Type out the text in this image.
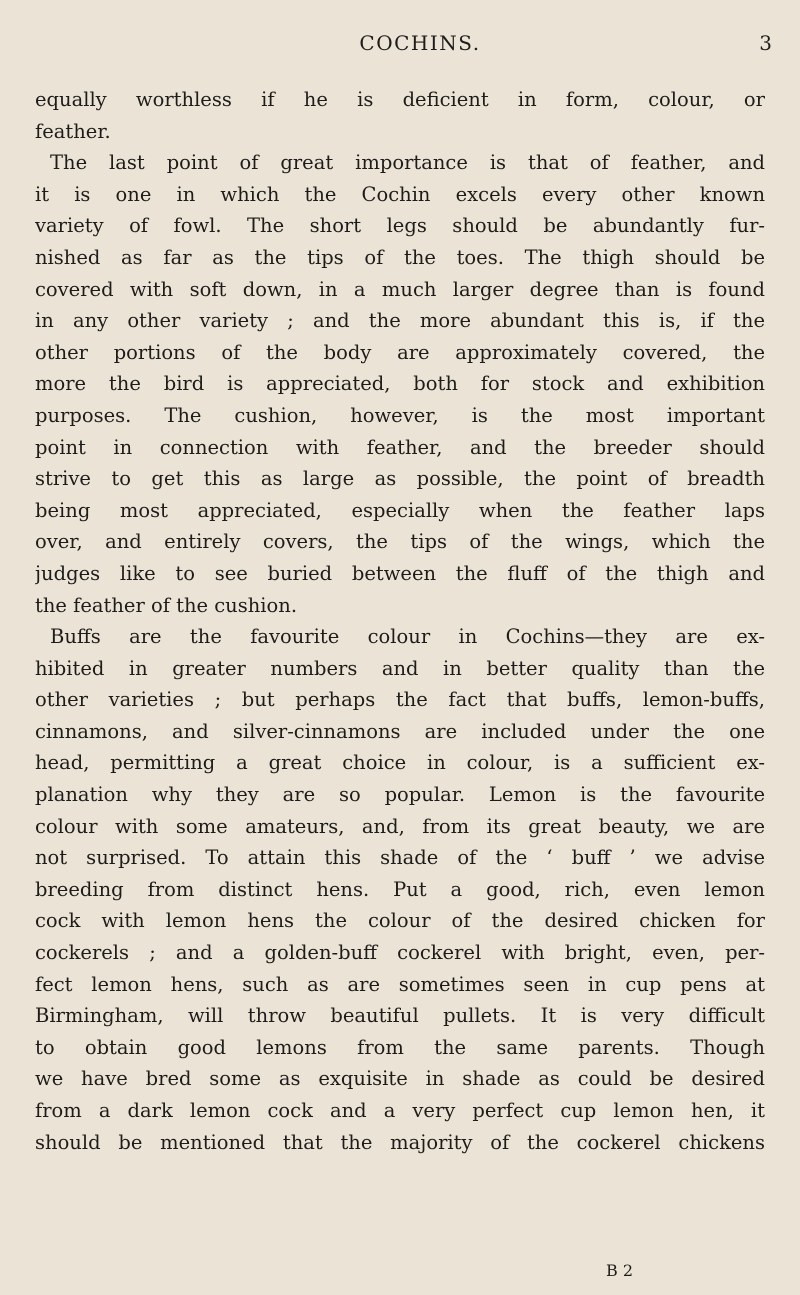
COCHINS.	3
equally worthless if he is deficient in form, colour, or
feather.
The last point of great importance is that of feather, and
it is one in which the Cochin excels every other known
variety of fowl. The short legs should be abundantly fur-
nished as far as the tips of the toes. The thigh should be
covered with soft down, in a much larger degree than is found
in any other variety ; and the more abundant this is, if the
other portions of the body are approximately covered, the
more the bird is appreciated, both for stock and exhibition
purposes. The cushion, however, is the most important
point in connection with feather, and the breeder should
strive to get this as large as possible, the point of breadth
being most appreciated, especially when the feather laps
over, and entirely covers, the tips of the wings, which the
judges like to see buried between the fluff of the thigh and
the feather of the cushion.
Buffs are the favourite colour in Cochins—they are ex-
hibited in greater numbers and in better quality than the
other varieties ; but perhaps the fact that buffs, lemon-buffs,
cinnamons, and silver-cinnamons are included under the one
head, permitting a great choice in colour, is a sufficient ex-
planation why they are so popular. Lemon is the favourite
colour with some amateurs, and, from its great beauty, we are
not surprised. To attain this shade of the ‘ buff ’ we advise
breeding from distinct hens. Put a good, rich, even lemon
cock with lemon hens the colour of the desired chicken for
cockerels ; and a golden-buff cockerel with bright, even, per-
fect lemon hens, such as are sometimes seen in cup pens at
Birmingham, will throw beautiful pullets. It is very difficult
to obtain good lemons from the same parents. Though
we have bred some as exquisite in shade as could be desired
from a dark lemon cock and a very perfect cup lemon hen, it
should be mentioned that the majority of the cockerel chickens
B 2
